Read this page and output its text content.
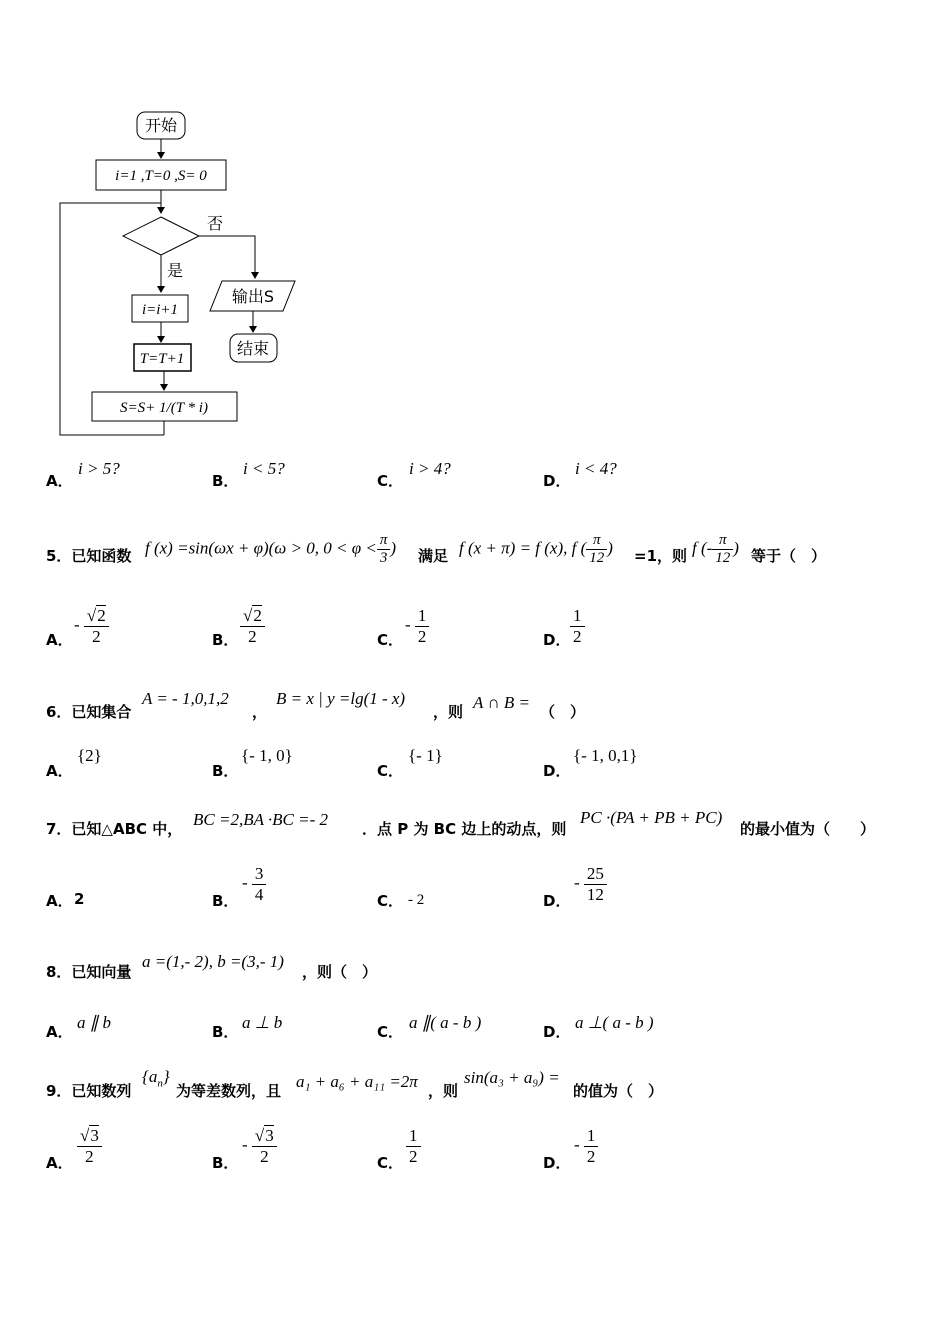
开始
i=1 ,T=0 ,S= 0
否
是
输出S
结束
i=i+1
T=T+1
S=S+ 1/(T * i)
A．
i > 5?
B．
i < 5?
C．
i > 4?
D．
i < 4?
5．已知函数 f (x) =sin(ωx + φ)(ω > 0, $0 < \varphi < \frac{\pi}{3}$ ) 满足 f (x + π) = f (x), f ( $\frac{\pi}{12}$ ) =1，则 f (- $\frac{\pi}{12}$ ) 等于（　）
A．
- $\frac{√2}{2}$	B． $\frac{√2}{2}$	C．
- $\frac{1}{2}$	D． $\frac{1}{2}$
6．已知集合
A = - 1,0,1,2
，
B = x | y =lg(1 - x)
，则 A ∩ B = （　）
A．
{2}
B．
{- 1, 0}
C．
{- 1}
D．
{- 1, 0,1}
7．已知△ABC 中， BC =2,BA ·BC =- 2 ．点 P 为 BC 边上的动点，则
PC ·(PA + PB + PC)
的最小值为（　　）
A． 2	B．
- $\frac{3}{4}$	C． - 2	D．
- $\frac{25}{12}$
8．已知向量
a =(1,- 2), b =(3,- 1)
，则（　）
A． a ∥ b	B． a ⊥ b	C． a ∥( a - b )	D． a ⊥( a - b )
9．已知数列
$\{a_n\}$
为等差数列，且 a₁ + a₆ + a₁₁ =2π ，则
sin(a₃ + a₉) =
的值为（　）
A． $\frac{√3}{2}$	B．
- $\frac{√3}{2}$	C． $\frac{1}{2}$	D．
- $\frac{1}{2}$
